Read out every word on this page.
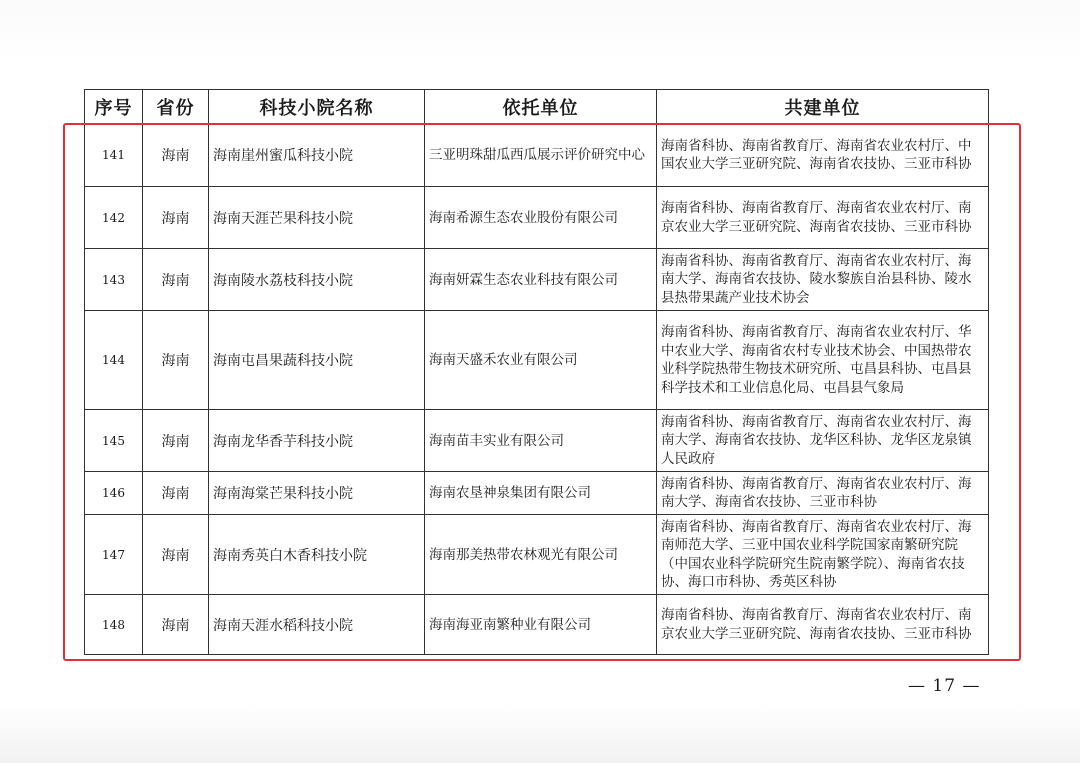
序号	省份	科技小院名称	依托单位	共建单位
141	海南	海南崖州蜜瓜科技小院	三亚明珠甜瓜西瓜展示评价研究中心	海南省科协、海南省教育厅、海南省农业农村厅、中国农业大学三亚研究院、海南省农技协、三亚市科协
142	海南	海南天涯芒果科技小院	海南希源生态农业股份有限公司	海南省科协、海南省教育厅、海南省农业农村厅、南京农业大学三亚研究院、海南省农技协、三亚市科协
143	海南	海南陵水荔枝科技小院	海南妍霖生态农业科技有限公司	海南省科协、海南省教育厅、海南省农业农村厅、海南大学、海南省农技协、陵水黎族自治县科协、陵水县热带果蔬产业技术协会
144	海南	海南屯昌果蔬科技小院	海南天盛禾农业有限公司	海南省科协、海南省教育厅、海南省农业农村厅、华中农业大学、海南省农村专业技术协会、中国热带农业科学院热带生物技术研究所、屯昌县科协、屯昌县科学技术和工业信息化局、屯昌县气象局
145	海南	海南龙华香芋科技小院	海南苗丰实业有限公司	海南省科协、海南省教育厅、海南省农业农村厅、海南大学、海南省农技协、龙华区科协、龙华区龙泉镇人民政府
146	海南	海南海棠芒果科技小院	海南农垦神泉集团有限公司	海南省科协、海南省教育厅、海南省农业农村厅、海南大学、海南省农技协、三亚市科协
147	海南	海南秀英白木香科技小院	海南那美热带农林观光有限公司	海南省科协、海南省教育厅、海南省农业农村厅、海南师范大学、三亚中国农业科学院国家南繁研究院（中国农业科学院研究生院南繁学院）、海南省农技协、海口市科协、秀英区科协
148	海南	海南天涯水稻科技小院	海南海亚南繁种业有限公司	海南省科协、海南省教育厅、海南省农业农村厅、南京农业大学三亚研究院、海南省农技协、三亚市科协
— 17 —
